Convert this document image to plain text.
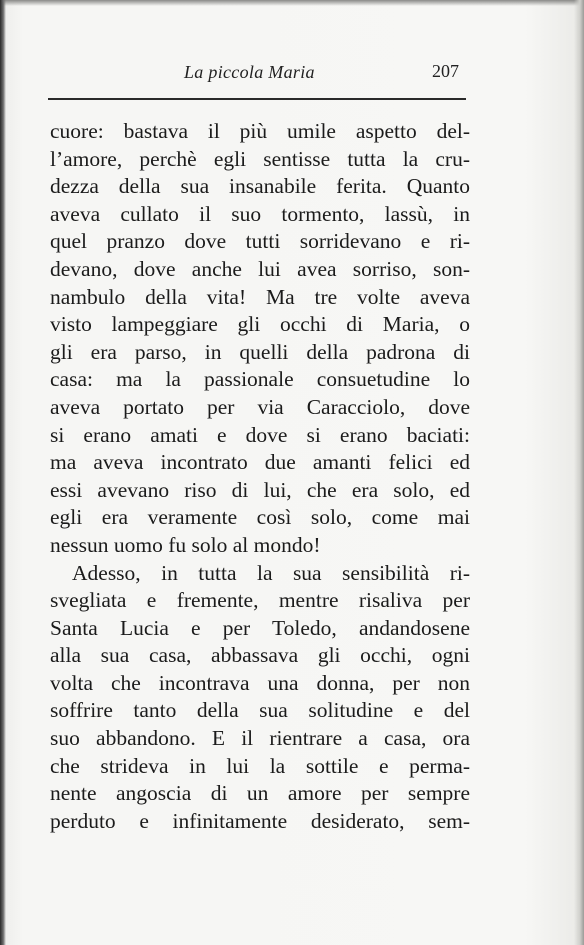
La piccola Maria	207
cuore: bastava il più umile aspetto del-
l’amore, perchè egli sentisse tutta la cru-
dezza della sua insanabile ferita. Quanto
aveva cullato il suo tormento, lassù, in
quel pranzo dove tutti sorridevano e ri-
devano, dove anche lui avea sorriso, son-
nambulo della vita! Ma tre volte aveva
visto lampeggiare gli occhi di Maria, o
gli era parso, in quelli della padrona di
casa: ma la passionale consuetudine lo
aveva portato per via Caracciolo, dove
si erano amati e dove si erano baciati:
ma aveva incontrato due amanti felici ed
essi avevano riso di lui, che era solo, ed
egli era veramente così solo, come mai
nessun uomo fu solo al mondo!
Adesso, in tutta la sua sensibilità ri-
svegliata e fremente, mentre risaliva per
Santa Lucia e per Toledo, andandosene
alla sua casa, abbassava gli occhi, ogni
volta che incontrava una donna, per non
soffrire tanto della sua solitudine e del
suo abbandono. E il rientrare a casa, ora
che strideva in lui la sottile e perma-
nente angoscia di un amore per sempre
perduto e infinitamente desiderato, sem-
